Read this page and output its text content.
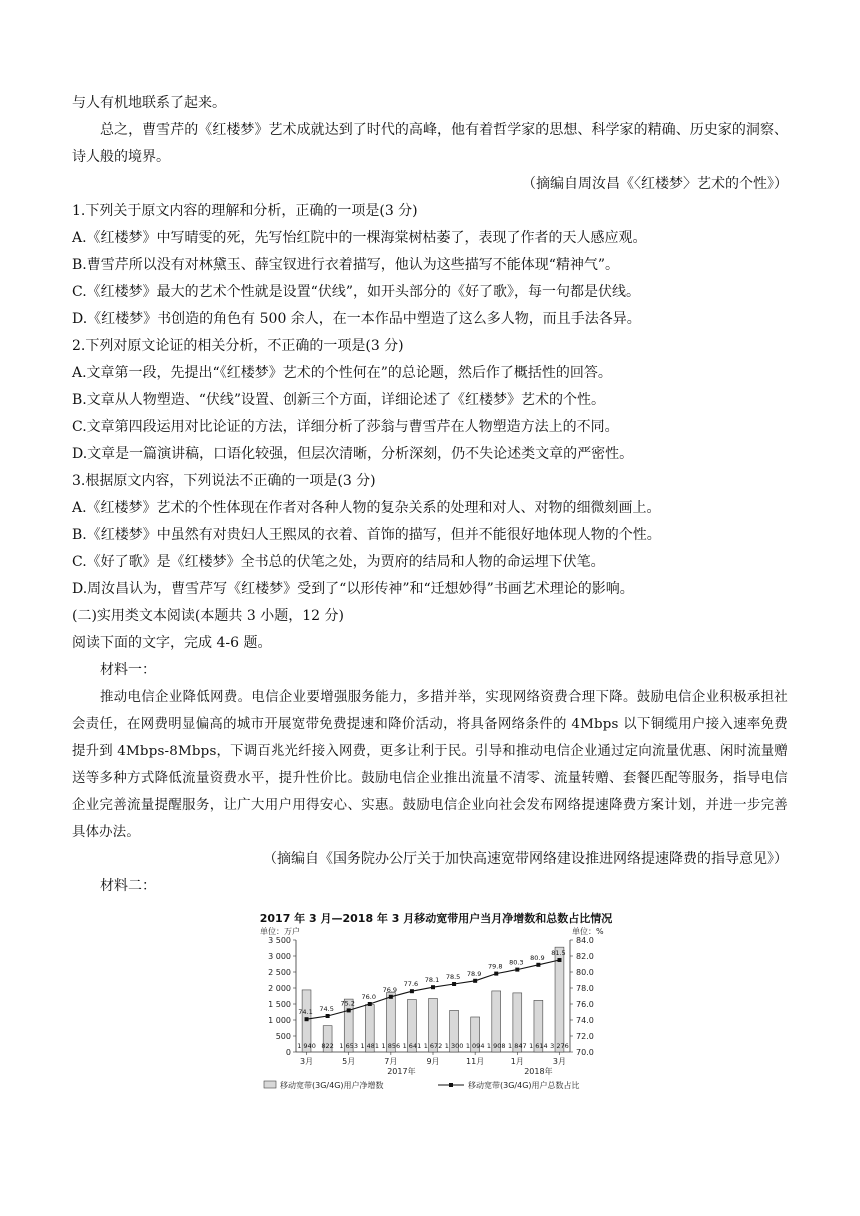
与人有机地联系了起来。
总之，曹雪芹的《红楼梦》艺术成就达到了时代的高峰，他有着哲学家的思想、科学家的精确、历史家的洞察、诗人般的境界。
（摘编自周汝昌《〈红楼梦〉艺术的个性》）
1.下列关于原文内容的理解和分析，正确的一项是(3 分)
A.《红楼梦》中写晴雯的死，先写怡红院中的一棵海棠树枯萎了，表现了作者的天人感应观。
B.曹雪芹所以没有对林黛玉、薛宝钗进行衣着描写，他认为这些描写不能体现“精神气”。
C.《红楼梦》最大的艺术个性就是设置“伏线”，如开头部分的《好了歌》，每一句都是伏线。
D.《红楼梦》书创造的角色有 500 余人，在一本作品中塑造了这么多人物，而且手法各异。
2.下列对原文论证的相关分析，不正确的一项是(3 分)
A.文章第一段，先提出“《红楼梦》艺术的个性何在”的总论题，然后作了概括性的回答。
B.文章从人物塑造、“伏线”设置、创新三个方面，详细论述了《红楼梦》艺术的个性。
C.文章第四段运用对比论证的方法，详细分析了莎翁与曹雪芹在人物塑造方法上的不同。
D.文章是一篇演讲稿，口语化较强，但层次清晰，分析深刻，仍不失论述类文章的严密性。
3.根据原文内容，下列说法不正确的一项是(3 分)
A.《红楼梦》艺术的个性体现在作者对各种人物的复杂关系的处理和对人、对物的细微刻画上。
B.《红楼梦》中虽然有对贵妇人王熙凤的衣着、首饰的描写，但并不能很好地体现人物的个性。
C.《好了歌》是《红楼梦》全书总的伏笔之处，为贾府的结局和人物的命运埋下伏笔。
D.周汝昌认为，曹雪芹写《红楼梦》受到了“以形传神”和“迁想妙得”书画艺术理论的影响。
(二)实用类文本阅读(本题共 3 小题，12 分)
阅读下面的文字，完成 4-6 题。
材料一：
推动电信企业降低网费。电信企业要增强服务能力，多措并举，实现网络资费合理下降。鼓励电信企业积极承担社会责任，在网费明显偏高的城市开展宽带免费提速和降价活动，将具备网络条件的 4Mbps 以下铜缆用户接入速率免费提升到 4Mbps-8Mbps，下调百兆光纤接入网费，更多让利于民。引导和推动电信企业通过定向流量优惠、闲时流量赠送等多种方式降低流量资费水平，提升性价比。鼓励电信企业推出流量不清零、流量转赠、套餐匹配等服务，指导电信企业完善流量提醒服务，让广大用户用得安心、实惠。鼓励电信企业向社会发布网络提速降费方案计划，并进一步完善具体办法。
（摘编自《国务院办公厅关于加快高速宽带网络建设推进网络提速降费的指导意见》）
材料二：
2017 年 3 月—2018 年 3 月移动宽带用户当月净增数和总数占比情况
单位：万户	单位：%
0
500
1 000
1 500
2 000
2 500
3 000
3 500
70.0
72.0
74.0
76.0
78.0
80.0
82.0
84.0
1 940 822 1 653 1 481 1 856 1 641 1 672 1 300 1 094 1 908 1 847 1 614 3 276
74.1 74.5
75.2
76.0
76.9
77.6 78.1 78.5 78.9
79.8 80.3
80.9
81.5
3月	5月	7月	9月	11月	1月	3月
2017年	2018年
移动宽带(3G/4G)用户净增数	移动宽带(3G/4G)用户总数占比
